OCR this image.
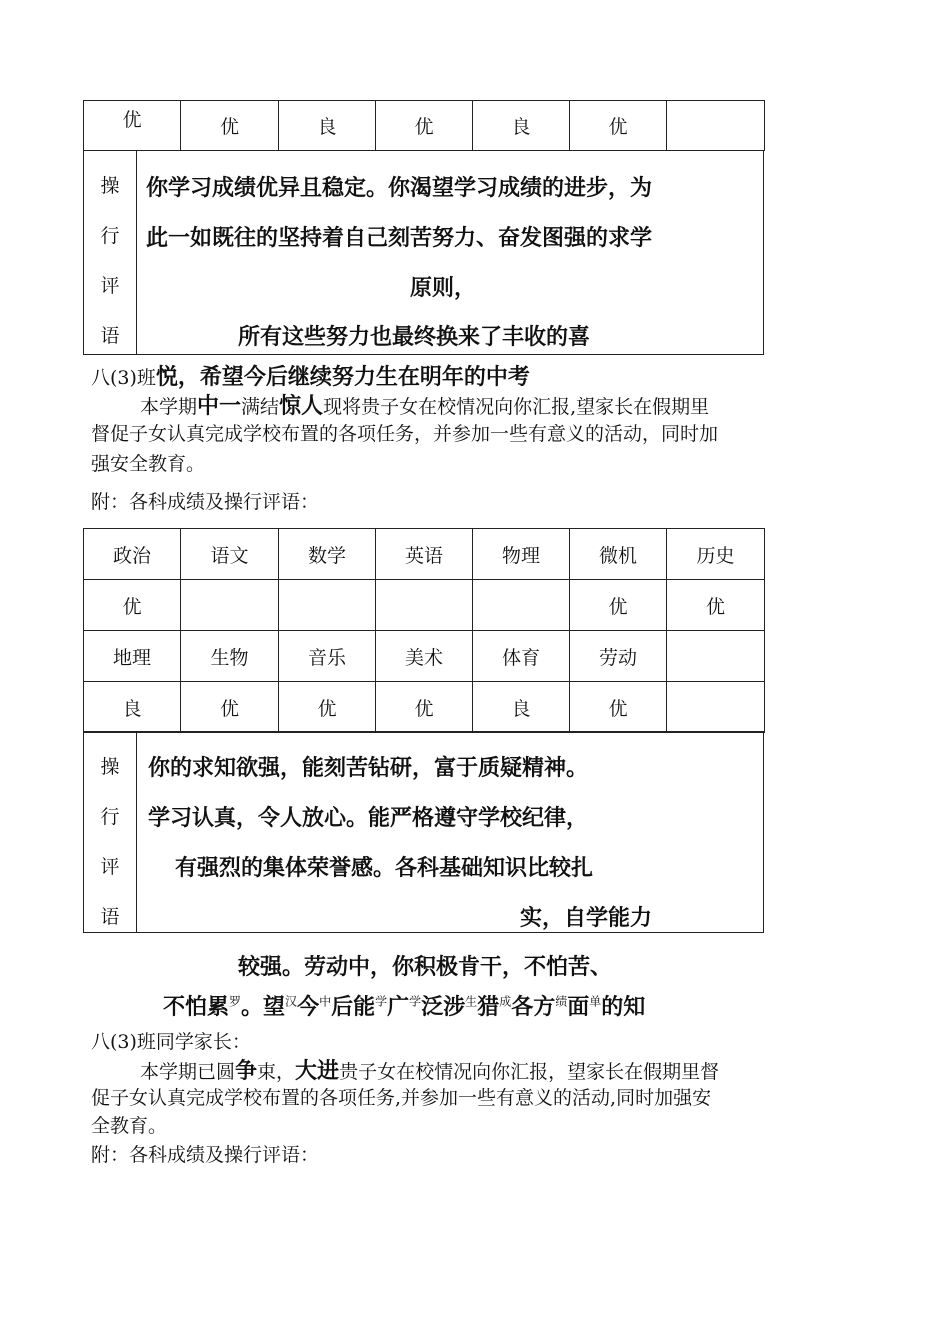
优	优	良	优	良	优	
操
行
评
语
你学习成绩优异且稳定。你渴望学习成绩的进步，为
此一如既往的坚持着自己刻苦努力、奋发图强的求学
原则，
所有这些努力也最终换来了丰收的喜
八(3)班悦，希望今后继续努力生在明年的中考
本学期中一满结惊人现将贵子女在校情况向你汇报,望家长在假期里
督促子女认真完成学校布置的各项任务，并参加一些有意义的活动，同时加
强安全教育。
附：各科成绩及操行评语：
政治	语文	数学	英语	物理	微机	历史
优					优	优
地理	生物	音乐	美术	体育	劳动	
良	优	优	优	良	优	
操
行
评
语
你的求知欲强，能刻苦钻研，富于质疑精神。
学习认真，令人放心。能严格遵守学校纪律，
有强烈的集体荣誉感。各科基础知识比较扎
实，自学能力
较强。劳动中，你积极肯干，不怕苦、
不怕累$^罗$。望$^汉$今$^中$后能$^学$广$^学$泛涉$^生$猎$^成$各方$^绩$面$^单$的知
八(3)班同学家长：
本学期已圆争束，大进贵子女在校情况向你汇报，望家长在假期里督
促子女认真完成学校布置的各项任务,并参加一些有意义的活动,同时加强安
全教育。
附：各科成绩及操行评语：
